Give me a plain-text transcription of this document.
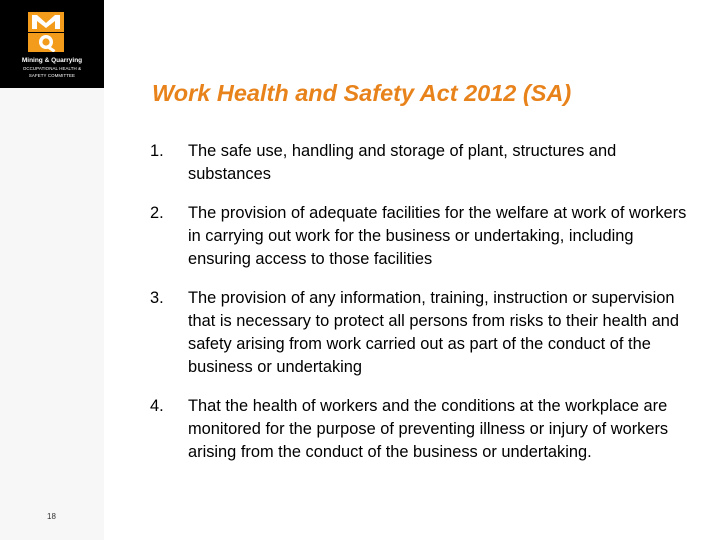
Mining & Quarrying
OCCUPATIONAL HEALTH &
SAFETY COMMITTEE
Work Health and Safety Act 2012 (SA)
1.	The safe use, handling and storage of plant, structures and substances
2.	The provision of adequate facilities for the welfare at work of workers in carrying out work for the business or undertaking, including ensuring access to those facilities
3.	The provision of any information, training, instruction or supervision that is necessary to protect all persons from risks to their health and safety arising from work carried out as part of the conduct of the business or undertaking
4.	That the health of workers and the conditions at the workplace are monitored for the purpose of preventing illness or injury of workers arising from the conduct of the business or undertaking.
18
